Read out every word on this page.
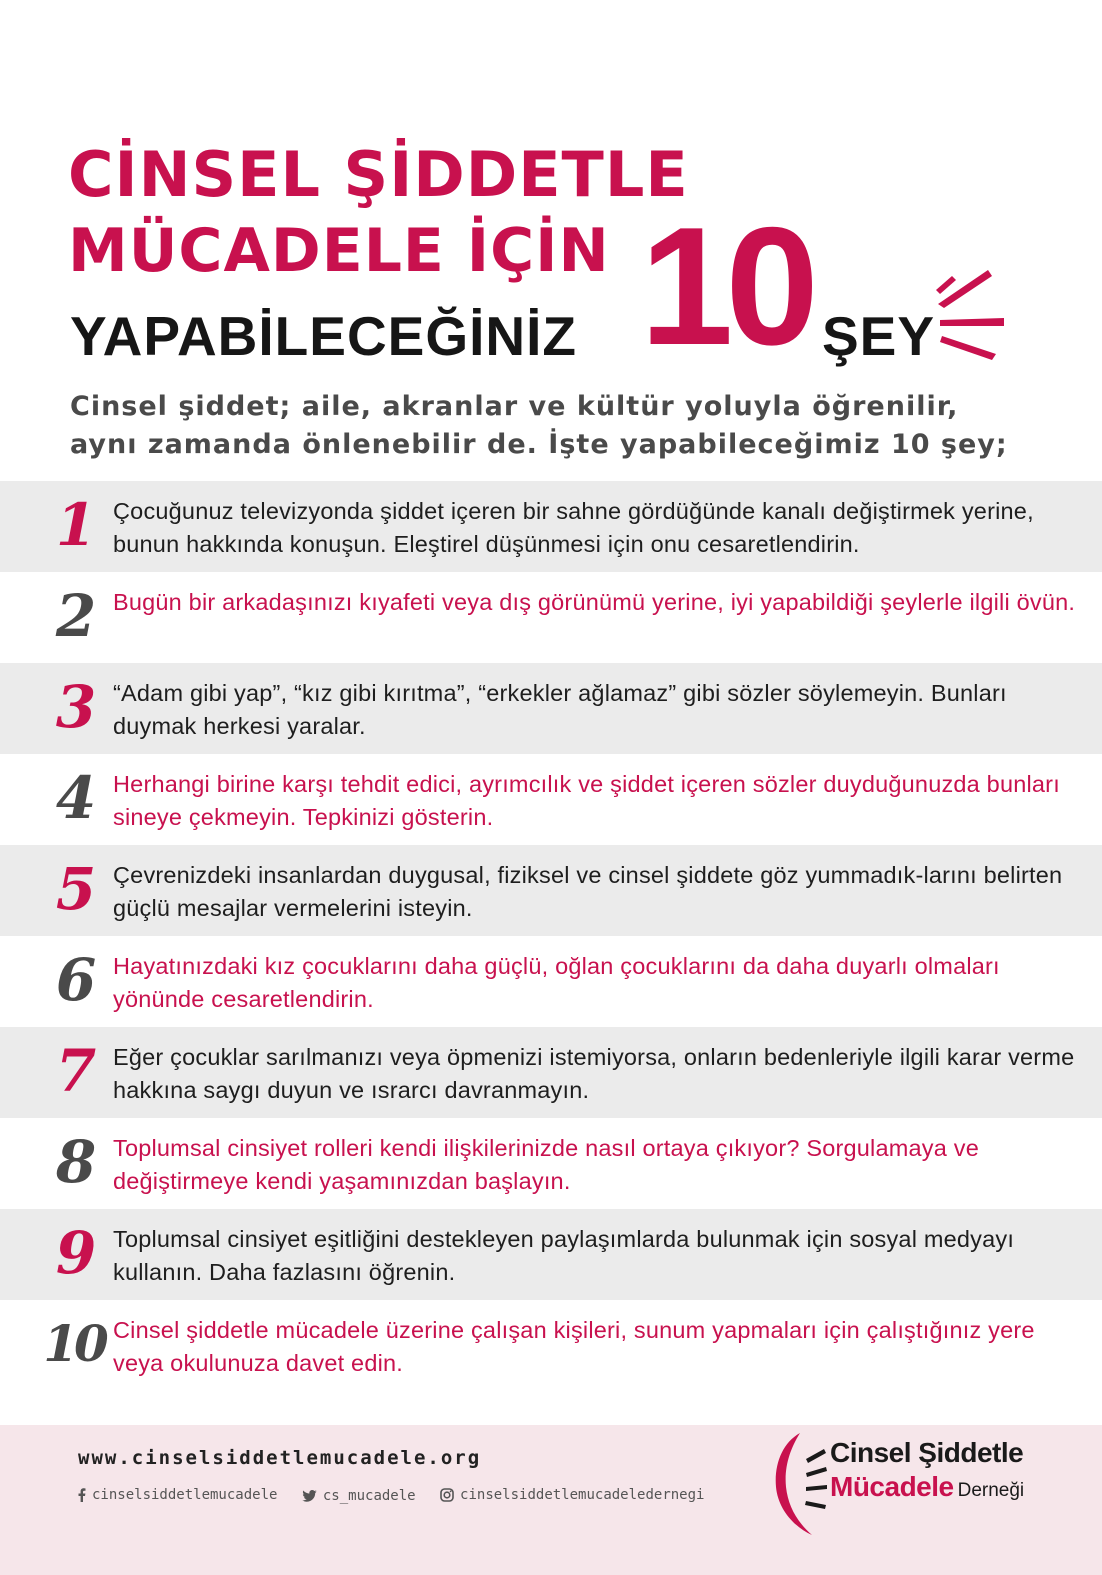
CİNSEL ŞİDDETLE
MÜCADELE İÇİN
YAPABİLECEĞİNİZ 10 ŞEY

Cinsel şiddet; aile, akranlar ve kültür yoluyla öğrenilir, aynı zamanda önlenebilir de. İşte yapabileceğimiz 10 şey;

1 Çocuğunuz televizyonda şiddet içeren bir sahne gördüğünde kanalı değiştirmek yerine, bunun hakkında konuşun. Eleştirel düşünmesi için onu cesaretlendirin.
2 Bugün bir arkadaşınızı kıyafeti veya dış görünümü yerine, iyi yapabildiği şeylerle ilgili övün.
3 “Adam gibi yap”, “kız gibi kırıtma”, “erkekler ağlamaz” gibi sözler söylemeyin. Bunları duymak herkesi yaralar.
4 Herhangi birine karşı tehdit edici, ayrımcılık ve şiddet içeren sözler duyduğunuzda bunları sineye çekmeyin. Tepkinizi gösterin.
5 Çevrenizdeki insanlardan duygusal, fiziksel ve cinsel şiddete göz yummadık-larını belirten güçlü mesajlar vermelerini isteyin.
6 Hayatınızdaki kız çocuklarını daha güçlü, oğlan çocuklarını da daha duyarlı olmaları yönünde cesaretlendirin.
7 Eğer çocuklar sarılmanızı veya öpmenizi istemiyorsa, onların bedenleriyle ilgili karar verme hakkına saygı duyun ve ısrarcı davranmayın.
8 Toplumsal cinsiyet rolleri kendi ilişkilerinizde nasıl ortaya çıkıyor? Sorgulamaya ve değiştirmeye kendi yaşamınızdan başlayın.
9 Toplumsal cinsiyet eşitliğini destekleyen paylaşımlarda bulunmak için sosyal medyayı kullanın. Daha fazlasını öğrenin.
10 Cinsel şiddetle mücadele üzerine çalışan kişileri, sunum yapmaları için çalıştığınız yere veya okulunuza davet edin.
www.cinselsiddetlemucadele.org
cinselsiddetlemucadele
	cs_mucadele
	cinselsiddetlemucadeledernegi
Cinsel Şiddetle
Mücadele Derneği
